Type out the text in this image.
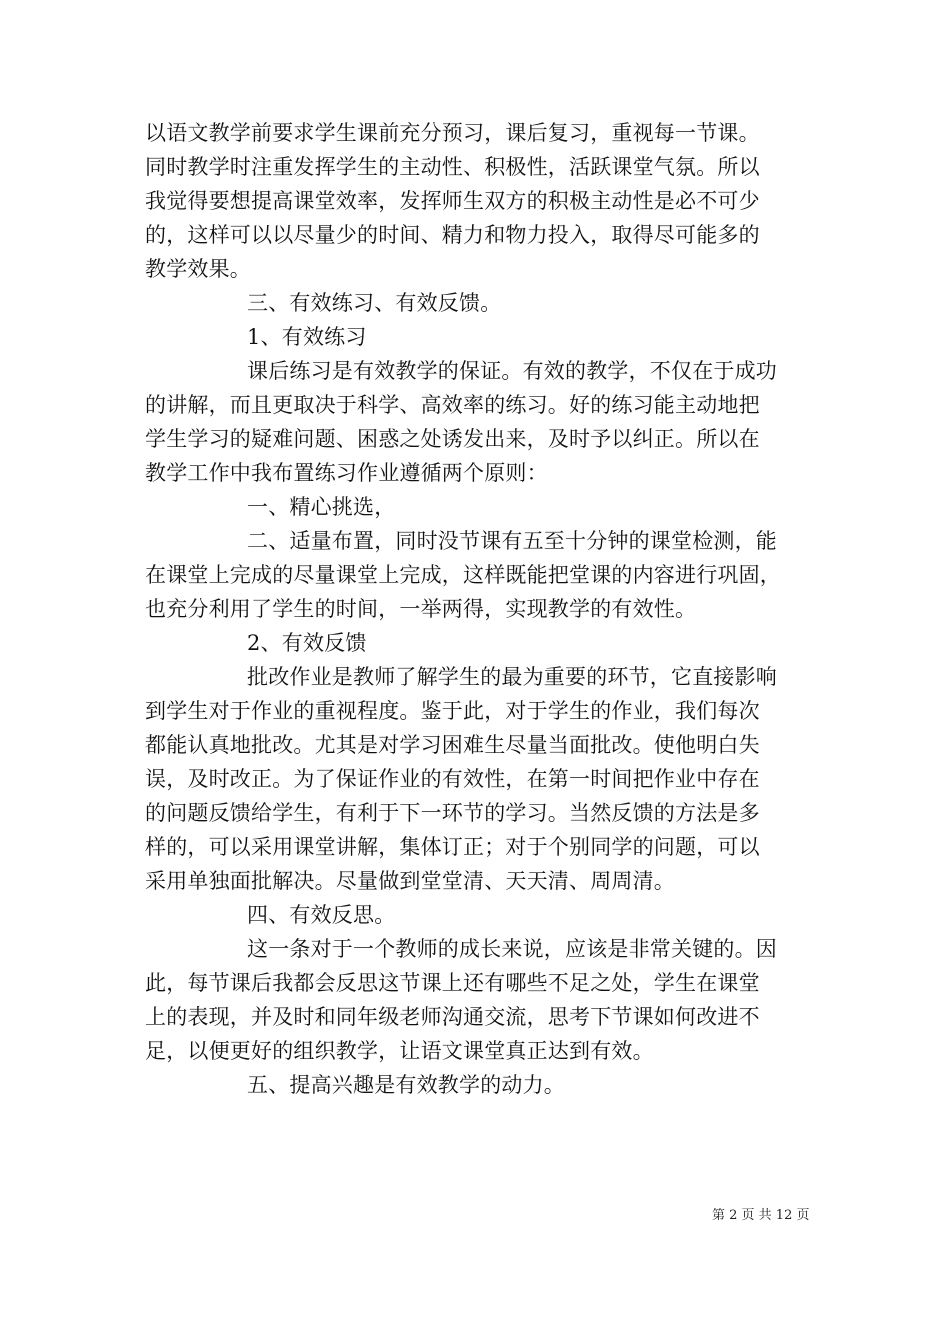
以语文教学前要求学生课前充分预习，课后复习，重视每一节课。
同时教学时注重发挥学生的主动性、积极性，活跃课堂气氛。所以
我觉得要想提高课堂效率，发挥师生双方的积极主动性是必不可少
的，这样可以以尽量少的时间、精力和物力投入，取得尽可能多的
教学效果。
三、有效练习、有效反馈。
1、有效练习
课后练习是有效教学的保证。有效的教学，不仅在于成功
的讲解，而且更取决于科学、高效率的练习。好的练习能主动地把
学生学习的疑难问题、困惑之处诱发出来，及时予以纠正。所以在
教学工作中我布置练习作业遵循两个原则：
一、精心挑选，
二、适量布置，同时没节课有五至十分钟的课堂检测，能
在课堂上完成的尽量课堂上完成，这样既能把堂课的内容进行巩固，
也充分利用了学生的时间，一举两得，实现教学的有效性。
2、有效反馈
批改作业是教师了解学生的最为重要的环节，它直接影响
到学生对于作业的重视程度。鉴于此，对于学生的作业，我们每次
都能认真地批改。尤其是对学习困难生尽量当面批改。使他明白失
误，及时改正。为了保证作业的有效性，在第一时间把作业中存在
的问题反馈给学生，有利于下一环节的学习。当然反馈的方法是多
样的，可以采用课堂讲解，集体订正；对于个别同学的问题，可以
采用单独面批解决。尽量做到堂堂清、天天清、周周清。
四、有效反思。
这一条对于一个教师的成长来说，应该是非常关键的。因
此，每节课后我都会反思这节课上还有哪些不足之处，学生在课堂
上的表现，并及时和同年级老师沟通交流，思考下节课如何改进不
足，以便更好的组织教学，让语文课堂真正达到有效。
五、提高兴趣是有效教学的动力。
第 2 页 共 12 页
